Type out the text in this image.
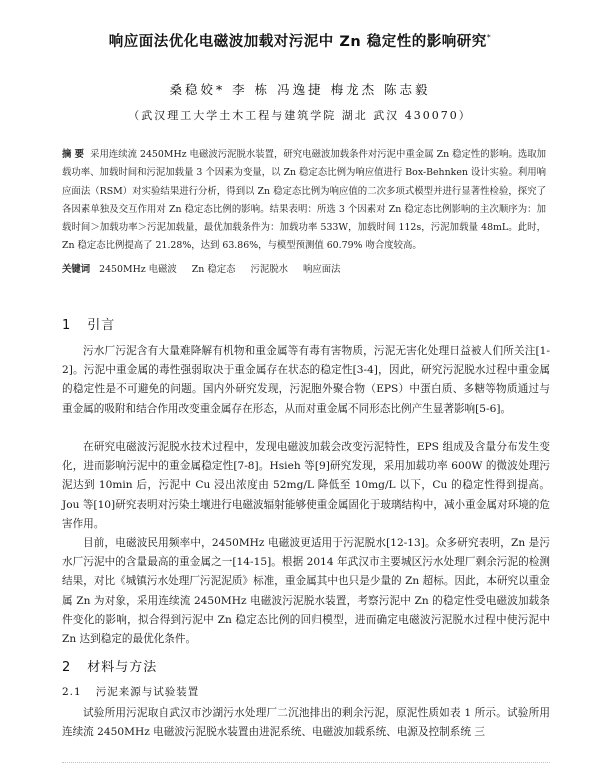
响应面法优化电磁波加载对污泥中 Zn 稳定性的影响研究*
桑稳姣* 李 栋 冯逸捷 梅龙杰 陈志毅
（武汉理工大学土木工程与建筑学院 湖北 武汉 430070）
摘 要 采用连续流 2450MHz 电磁波污泥脱水装置，研究电磁波加载条件对污泥中重金属 Zn 稳定性的影响。选取加载功率、加载时间和污泥加载量 3 个因素为变量，以 Zn 稳定态比例为响应值进行 Box-Behnken 设计实验。利用响应面法（RSM）对实验结果进行分析，得到以 Zn 稳定态比例为响应值的二次多项式模型并进行显著性检验，探究了各因素单独及交互作用对 Zn 稳定态比例的影响。结果表明：所选 3 个因素对 Zn 稳定态比例影响的主次顺序为：加载时间＞加载功率＞污泥加载量，最优加载条件为：加载功率 533W，加载时间 112s，污泥加载量 48mL。此时，Zn 稳定态比例提高了 21.28%，达到 63.86%，与模型预测值 60.79% 吻合度较高。
关键词 2450MHz 电磁波 Zn 稳定态 污泥脱水 响应面法
1 引言
污水厂污泥含有大量难降解有机物和重金属等有毒有害物质，污泥无害化处理日益被人们所关注[1-2]。污泥中重金属的毒性强弱取决于重金属存在状态的稳定性[3-4]，因此，研究污泥脱水过程中重金属的稳定性是不可避免的问题。国内外研究发现，污泥胞外聚合物（EPS）中蛋白质、多糖等物质通过与重金属的吸附和结合作用改变重金属存在形态，从而对重金属不同形态比例产生显著影响[5-6]。
在研究电磁波污泥脱水技术过程中，发现电磁波加载会改变污泥特性，EPS 组成及含量分布发生变化，进而影响污泥中的重金属稳定性[7-8]。Hsieh 等[9]研究发现，采用加载功率 600W 的微波处理污泥达到 10min 后，污泥中 Cu 浸出浓度由 52mg/L 降低至 10mg/L 以下，Cu 的稳定性得到提高。Jou 等[10]研究表明对污染土壤进行电磁波辐射能够使重金属固化于玻璃结构中，减小重金属对环境的危害作用。
目前，电磁波民用频率中，2450MHz 电磁波更适用于污泥脱水[12-13]。众多研究表明，Zn 是污水厂污泥中的含量最高的重金属之一[14-15]。根据 2014 年武汉市主要城区污水处理厂剩余污泥的检测结果，对比《城镇污水处理厂污泥泥质》标准，重金属其中也只是少量的 Zn 超标。因此，本研究以重金属 Zn 为对象，采用连续流 2450MHz 电磁波污泥脱水装置，考察污泥中 Zn 的稳定性受电磁波加载条件变化的影响，拟合得到污泥中 Zn 稳定态比例的回归模型，进而确定电磁波污泥脱水过程中使污泥中 Zn 达到稳定的最优化条件。
2 材料与方法
2.1 污泥来源与试验装置
试验所用污泥取自武汉市沙湖污水处理厂二沉池排出的剩余污泥，原泥性质如表 1 所示。试验所用连续流 2450MHz 电磁波污泥脱水装置由进泥系统、电磁波加载系统、电源及控制系统 三
